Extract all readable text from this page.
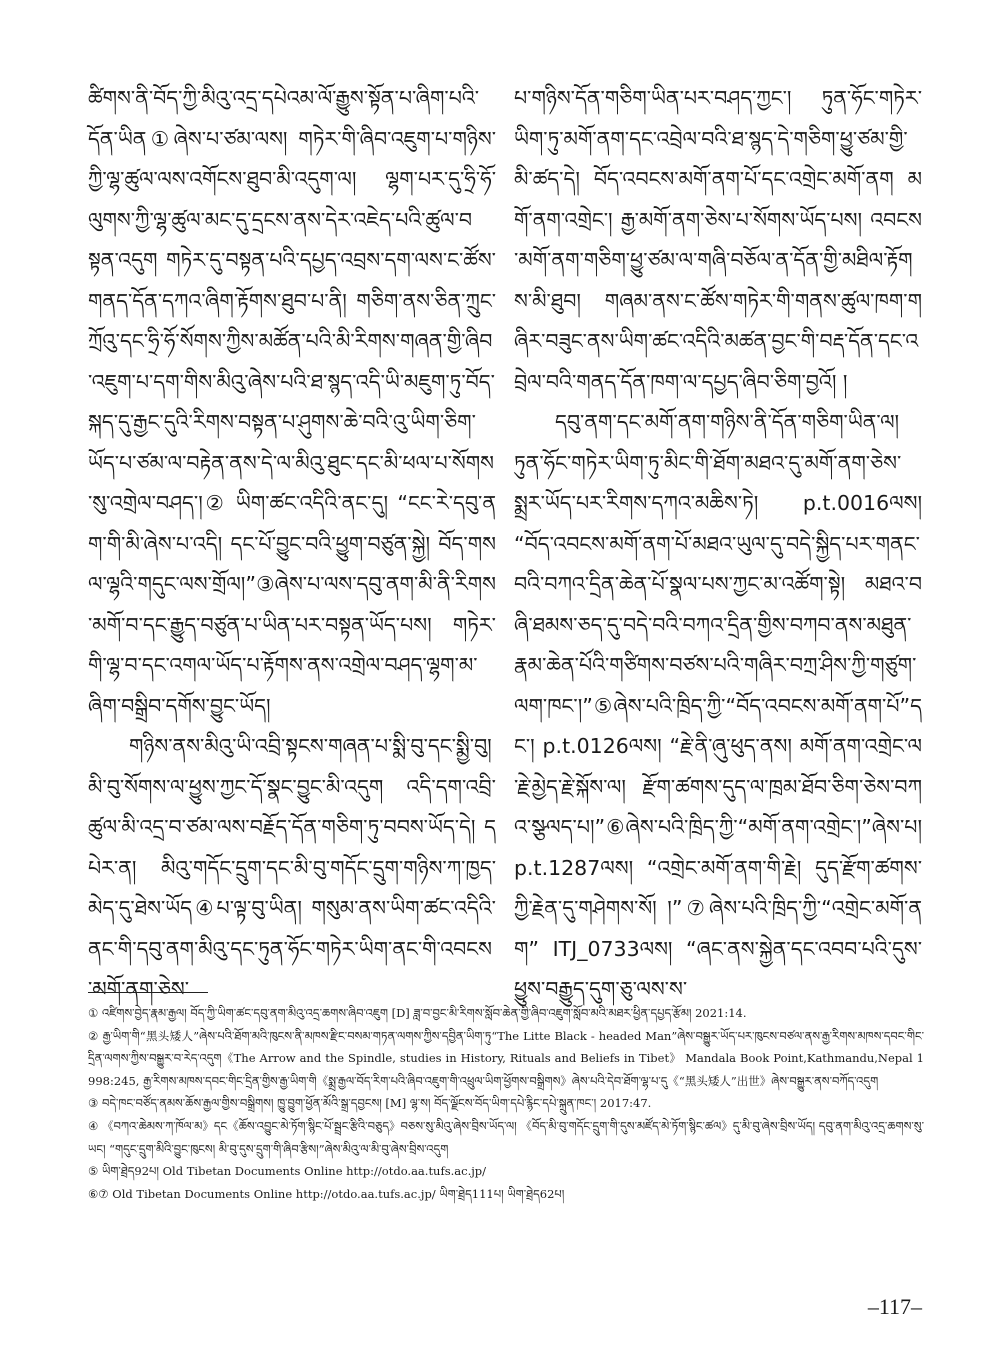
ཚིགས་ནི་བོད་ཀྱི་མིའུ་འདྲ་དཔེའམ་ལོ་རྒྱུས་སྟོན་པ་ཞིག་པའི་དོན་ཡིན①ཞེས་པ་ཙམ་ལས། གཏེར་གི་ཞིབ་འཇུག་པ་གཉིས་ཀྱི་ལྷ་ཚུལ་ལས་འགོངས་ཐུབ་མི་འདུག་ལ། ལྷག་པར་དུ་ཧྲི་ཧོ་ལུགས་ཀྱི་ལྷ་ཚུལ་མང་དུ་དྲངས་ནས་དེར་འཇེད་པའི་ཚུལ་བསྟན་འདུག གཏེར་དུ་བསྟན་པའི་དཔྱད་འབྲས་དག་ལས་ང་ཚོས་གནད་དོན་དཀའ་ཞིག་རྟོགས་ཐུབ་པ་ནི། གཅིག་ནས་ཅིན་ཀྲུང་ཀྲོའུ་དང་ཧྲི་ཧོ་སོགས་ཀྱིས་མཚོན་པའི་མི་རིགས་གཞན་གྱི་ཞིབ་འཇུག་པ་དག་གིས་མིའུ་ཞེས་པའི་ཐ་སྙད་འདི་ཡི་མཇུག་ཏུ་བོད་སྐད་དུ་རྒྱང་དུའི་རིགས་བསྟན་པ་ཤུགས་ཆེ་བའི་འུ་ཡིག་ཅིག་ཡོད་པ་ཙམ་ལ་བརྟེན་ནས་དེ་ལ་མིའུ་ཐུང་དང་མི་ཕལ་པ་སོགས་སུ་འགྲེལ་བཤད་།② ཡིག་ཚང་འདིའི་ནང་དུ། “ངང་རེ་དབུ་ནག་གི་མི་ཞེས་པ་འདི། དང་པོ་བྱུང་བའི་ཕྱུག་བཙུན་སྐྱེ། བོད་གསལ་ལྷའི་གདུང་ལས་གྲོལ།”③ཞེས་པ་ལས་དབུ་ནག་མི་ནི་རིགས་མགོ་བ་དང་རྒྱུད་བཙུན་པ་ཡིན་པར་བསྟན་ཡོད་པས། གཏེར་གི་ལྷ་བ་དང་འགལ་ཡོད་པ་རྟོགས་ནས་འགྲེལ་བཤད་ལྷག་མ་ཞིག་བསྒྲིབ་དགོས་བྱུང་ཡོད།

གཉིས་ནས་མིའུ་ཡི་འབྲི་སྟངས་གཞན་པ་སྨི་བུ་དང་སྨྱི་བུ། མི་བུ་སོགས་ལ་ཕྱུས་ཀྱང་དོ་སྣང་བྱུང་མི་འདུག འདི་དག་འབྲི་ཚུལ་མི་འདྲ་བ་ཙམ་ལས་བརྗོད་དོན་གཅིག་ཏུ་བབས་ཡོད་དེ། དཔེར་ན། མིའུ་གདོང་དྲུག་དང་མི་བུ་གདོང་དྲུག་གཉིས་ཀ་ཁྱད་མེད་དུ་ཐེས་ཡོད④པ་ལྟ་བུ་ཡིན། གསུམ་ནས་ཡིག་ཚང་འདིའི་ནང་གི་དབུ་ནག་མིའུ་དང་ཏུན་ཧོང་གཏེར་ཡིག་ནང་གི་འབངས་མགོ་ནག་ཅེས་

པ་གཉིས་དོན་གཅིག་ཡིན་པར་བཤད་ཀྱང་། ཏུན་ཧོང་གཏེར་ཡིག་ཏུ་མགོ་ནག་དང་འབྲེལ་བའི་ཐ་སྙད་དེ་གཅིག་ཕྱུ་ཙམ་གྱི་མི་ཚད་དེ། བོད་འབངས་མགོ་ནག་པོ་དང་འགྲེང་མགོ་ནག མགོ་ནག་འགྲེང་། རྒྱ་མགོ་ནག་ཅེས་པ་སོགས་ཡོད་པས། འབངས་མགོ་ནག་གཅིག་ཕྱུ་ཙམ་ལ་གཞི་བཅོལ་ན་དོན་གྱི་མཐིལ་རྟོགས་མི་ཐུབ། གཞམ་ནས་ང་ཚོས་གཏེར་གི་གནས་ཚུལ་ཁག་གཞིར་བཟུང་ནས་ཡིག་ཚང་འདིའི་མཚན་བྱང་གི་བརྡ་དོན་དང་འབྲེལ་བའི་གནད་དོན་ཁག་ལ་དཔྱད་ཞིབ་ཅིག་བྱའོ། །

དབུ་ནག་དང་མགོ་ནག་གཉིས་ནི་དོན་གཅིག་ཡིན་ལ། ཏུན་ཧོང་གཏེར་ཡིག་ཏུ་མིང་གི་ཐོག་མཐའ་དུ་མགོ་ནག་ཅེས་སྨྲར་ཡོད་པར་རིགས་དཀའ་མཆིས་ཏེ། p.t.0016ལས། “བོད་འབངས་མགོ་ནག་པོ་མཐའ་ཡུལ་དུ་བདེ་སྐྱིད་པར་གནང་བའི་བཀའ་དྲིན་ཆེན་པོ་སྣལ་པས་ཀྱང་མ་འཚོག་སྟེ། མཐའ་བཞི་ཐམས་ཅད་དུ་བདེ་བའི་བཀའ་དྲིན་གྱིས་བཀབ་ནས་མཐུན་རྣམ་ཆེན་པོའི་གཙིགས་བཙས་པའི་གཞིར་བཀྲ་ཤིས་ཀྱི་གཙུག་ལག་ཁང་།”⑤ཞེས་པའི་ཁྲིད་ཀྱི་“བོད་འབངས་མགོ་ནག་པོ”དང་། p.t.0126ལས། “རྗེ་ནི་ཞུ་ཕུད་ནས། མགོ་ནག་འགྲེང་ལ་རྗེ་མྱེད་རྗེ་སྐོས་ལ། རྫོག་ཚགས་དུད་ལ་ཁྲམ་ཐོབ་ཅིག་ཅེས་བཀའ་སྩལད་པ།”⑥ཞེས་པའི་ཁྲིད་ཀྱི་“མགོ་ནག་འགྲེང་།”ཞེས་པ། p.t.1287ལས། “འགྲེང་མགོ་ནག་གི་རྗེ། དུད་རྫོག་ཚགས་ཀྱི་རྗེན་དུ་གཤེགས་སོ། །”⑦ཞེས་པའི་ཁྲིད་ཀྱི་“འགྲེང་མགོ་ནག” ITJ_0733ལས། “ཞང་ནས་སྐྱེན་དང་འབབ་པའི་དུས་ཕྱུས་བརྒྱུད་དུག་ཅུ་ལས་ས་

① འཛིགས་བྱེད་རྣམ་རྒྱལ། བོད་ཀྱི་ཡིག་ཚང་དབུ་ནག་མིའུ་འདྲ་ཆགས་ཞིབ་འཇུག [D] ཟླ་བ་བྱང་མི་རིགས་སློབ་ཆེན་གྱི་ཞིབ་འཇུག་སློབ་མའི་མཐར་ཕྱིན་དཔྱད་རྩོམ། 2021:14.

② རྒྱ་ཡིག་གི“黑头矮人”ཞེས་པའི་ཐོག་མའི་ཁུངས་ནི་མཁས་རྫིང་བསམ་གཏན་ལགས་ཀྱིས་དབྱིན་ཡིག་ཏུ“The Litte Black - headed Man”ཞེས་བསྒྱུར་ཡོད་པར་ཁུངས་བཙལ་ནས་རྒྱ་རིགས་མཁས་དབང་གིང་དྲིན་ལགས་ཀྱིས་བསྒྱུར་བ་རེད་འདུག《The Arrow and the Spindle, studies in History, Rituals and Beliefs in Tibet》 Mandala Book Point,Kathmandu,Nepal 1998:245, རྒྱ་རིགས་མཁས་དབང་གིང་དྲིན་གྱིས་རྒྱ་ཡིག་གི《སྨྲ་རྒྱལ་བོད་རིག་པའི་ཞིབ་འཇུག་གི་འཕྲུལ་ཡིག་ཕྱོགས་བསྒྲིགས》ཞེས་པའི་དེབ་ཐོག་ལྷ་པ་དུ《“黑头矮人”出世》ཞེས་བསྒྱུར་ནས་བཀོད་འདུག

③ བདེ་ཁང་བཙོད་ནམས་ཆོས་རྒྱལ་གྱིས་བསྒྲིགས། ཁྱུ་བྱུག་ཕྱོན་མོའི་སྒྲ་དབྱངས། [M] ལྷ་ས། བོད་ལྗོངས་བོད་ཡིག་དཔེ་རྙིང་དཔེ་སྐྲུན་ཁང་། 2017:47.

④ 《བཀའ་ཆེམས་ཀ་ཁོལ་མ》དང《ཆོས་འབྱུང་མེ་ཏོག་སྙིང་པོ་སྦྲང་རྩིའི་བཅུད》བཅས་སུ་མིའུ་ཞེས་བྲིས་ཡོད་ལ། 《བོད་མི་བུ་གདོང་དྲུག་གི་དུས་མཛོད་མེ་ཏོག་སྙིང་ཚལ》དུ་མི་བུ་ཞེས་བྲིས་ཡོད། དབུ་ནག་མིའུ་འདྲ་ཆགས་སུ་ཡང། “གདུང་དྲུག་མིའི་བྱུང་ཁུངས། མི་བུ་དུས་དྲུག་གི་ཞིབ་རྩིས།”ཞེས་མིའུ་ལ་མི་བུ་ཞེས་བྲིས་འདུག

⑤ ཡིག་ཐྲེད92པ། Old Tibetan Documents Online http://otdo.aa.tufs.ac.jp/

⑥⑦ Old Tibetan Documents Online http://otdo.aa.tufs.ac.jp/ ཡིག་ཐྲེད111པ། ཡིག་ཐྲེད62པ།

–117–
